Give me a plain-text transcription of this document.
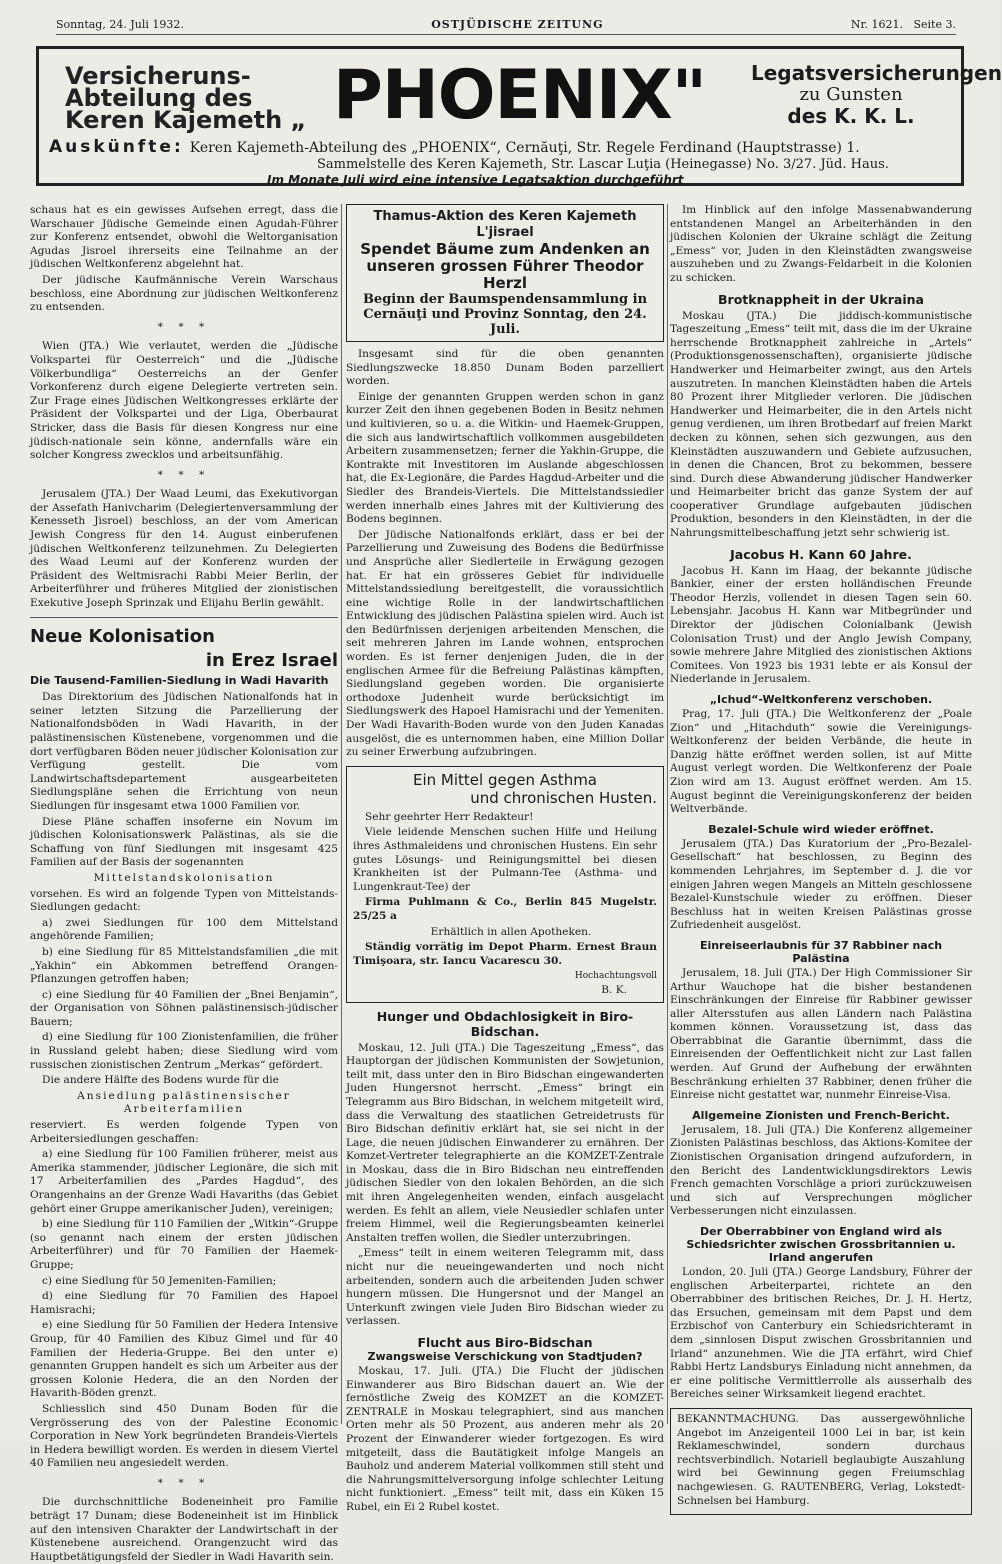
Sonntag, 24. Juli 1932.	OSTJÜDISCHE ZEITUNG	Nr. 1621. Seite 3.
Versicheruns-
Abteilung des
Keren Kajemeth „ PHOENIX" Legatsversicherungen
zu Gunsten
des K. K. L.
Auskünfte: Keren Kajemeth-Abteilung des „PHOENIX“, Cernăuţi, Str. Regele Ferdinand (Hauptstrasse) 1.
Sammelstelle des Keren Kajemeth, Str. Lascar Luţia (Heinegasse) No. 3/27. Jüd. Haus.
Im Monate Juli wird eine intensive Legatsaktion durchgeführt

schaus hat es ein gewisses Aufsehen erregt, dass die Warschauer Jüdische Gemeinde einen Agudah-Führer zur Konferenz entsendet, obwohl die Weltorganisation Agudas Jisroel ihrerseits eine Teilnahme an der jüdischen Weltkonferenz abgelehnt hat.

Der jüdische Kaufmännische Verein Warschaus beschloss, eine Abordnung zur jüdischen Weltkonferenz zu entsenden.

* * *

Wien (JTA.) Wie verlautet, werden die „Jüdische Volkspartei für Oesterreich“ und die „Jüdische Völkerbundliga“ Oesterreichs an der Genfer Vorkonferenz durch eigene Delegierte vertreten sein. Zur Frage eines Jüdischen Weltkongresses erklärte der Präsident der Volkspartei und der Liga, Oberbaurat Stricker, dass die Basis für diesen Kongress nur eine jüdisch-nationale sein könne, andernfalls wäre ein solcher Kongress zwecklos und arbeitsunfähig.

* * *

Jerusalem (JTA.) Der Waad Leumi, das Exekutivorgan der Assefath Hanivcharim (Delegiertenversammlung der Kenesseth Jisroel) beschloss, an der vom American Jewish Congress für den 14. August einberufenen jüdischen Weltkonferenz teilzunehmen. Zu Delegierten des Waad Leumi auf der Konferenz wurden der Präsident des Weltmisrachi Rabbi Meier Berlin, der Arbeiterführer und früheres Mitglied der zionistischen Exekutive Joseph Sprinzak und Elijahu Berlin gewählt.

Neue Kolonisation
in Erez Israel
Die Tausend-Familien-Siedlung in Wadi Havarith

Das Direktorium des Jüdischen Nationalfonds hat in seiner letzten Sitzung die Parzellierung der Nationalfondsböden in Wadi Havarith, in der palästinensischen Küstenebene, vorgenommen und die dort verfügbaren Böden neuer jüdischer Kolonisation zur Verfügung gestellt. Die vom Landwirtschaftsdepartement ausgearbeiteten Siedlungspläne sehen die Errichtung von neun Siedlungen für insgesamt etwa 1000 Familien vor.

Diese Pläne schaffen insoferne ein Novum im jüdischen Kolonisationswerk Palästinas, als sie die Schaffung von fünf Siedlungen mit insgesamt 425 Familien auf der Basis der sogenannten

Mittelstandskolonisation

vorsehen. Es wird an folgende Typen von Mittelstands-Siedlungen gedacht:

a) zwei Siedlungen für 100 dem Mittelstand angehörende Familien;

b) eine Siedlung für 85 Mittelstandsfamilien „die mit „Yakhin“ ein Abkommen betreffend Orangen-Pflanzungen getroffen haben;

c) eine Siedlung für 40 Familien der „Bnei Benjamin“, der Organisation von Söhnen palästinensisch-jüdischer Bauern;

d) eine Siedlung für 100 Zionistenfamilien, die früher in Russland gelebt haben; diese Siedlung wird vom russischen zionistischen Zentrum „Merkas“ gefördert.

Die andere Hälfte des Bodens wurde für die

Ansiedlung palästinensischer Arbeiterfamilien

reserviert. Es werden folgende Typen von Arbeitersiedlungen geschaffen:

a) eine Siedlung für 100 Familien früherer, meist aus Amerika stammender, jüdischer Legionäre, die sich mit 17 Arbeiterfamilien des „Pardes Hagdud“, des Orangenhains an der Grenze Wadi Havariths (das Gebiet gehört einer Gruppe amerikanischer Juden), vereinigen;

b) eine Siedlung für 110 Familien der „Witkin“-Gruppe (so genannt nach einem der ersten jüdischen Arbeiterführer) und für 70 Familien der Haemek-Gruppe;

c) eine Siedlung für 50 Jemeniten-Familien;

d) eine Siedlung für 70 Familien des Hapoel Hamisrachi;

e) eine Siedlung für 50 Familien der Hedera Intensive Group, für 40 Familien des Kibuz Gimel und für 40 Familien der Hederia-Gruppe. Bei den unter e) genannten Gruppen handelt es sich um Arbeiter aus der grossen Kolonie Hedera, die an den Norden der Havarith-Böden grenzt.

Schliesslich sind 450 Dunam Boden für die Vergrösserung des von der Palestine Economic Corporation in New York begründeten Brandeis-Viertels in Hedera bewilligt worden. Es werden in diesem Viertel 40 Familien neu angesiedelt werden.

* * *

Die durchschnittliche Bodeneinheit pro Familie beträgt 17 Dunam; diese Bodeneinheit ist im Hinblick auf den intensiven Charakter der Landwirtschaft in der Küstenebene ausreichend. Orangenzucht wird das Hauptbetätigungsfeld der Siedler in Wadi Havarith sein.

Thamus-Aktion des Keren Kajemeth L'jisrael
Spendet Bäume zum Andenken an unseren grossen Führer Theodor Herzl
Beginn der Baumspendensammlung in Cernăuţi und Provinz Sonntag, den 24. Juli.

Insgesamt sind für die oben genannten Siedlungszwecke 18.850 Dunam Boden parzelliert worden.

Einige der genannten Gruppen werden schon in ganz kurzer Zeit den ihnen gegebenen Boden in Besitz nehmen und kultivieren, so u. a. die Witkin- und Haemek-Gruppen, die sich aus landwirtschaftlich vollkommen ausgebildeten Arbeitern zusammensetzen; ferner die Yakhin-Gruppe, die Kontrakte mit Investitoren im Auslande abgeschlossen hat, die Ex-Legionäre, die Pardes Hagdud-Arbeiter und die Siedler des Brandeis-Viertels. Die Mittelstandssiedler werden innerhalb eines Jahres mit der Kultivierung des Bodens beginnen.

Der Jüdische Nationalfonds erklärt, dass er bei der Parzellierung und Zuweisung des Bodens die Bedürfnisse und Ansprüche aller Siedlerteile in Erwägung gezogen hat. Er hat ein grösseres Gebiet für individuelle Mittelstandssiedlung bereitgestellt, die voraussichtlich eine wichtige Rolle in der landwirtschaftlichen Entwicklung des jüdischen Palästina spielen wird. Auch ist den Bedürfnissen derjenigen arbeitenden Menschen, die seit mehreren Jahren im Lande wohnen, entsprochen worden. Es ist ferner denjenigen Juden, die in der englischen Armee für die Befreiung Palästinas kämpften, Siedlungsland gegeben worden. Die organisierte orthodoxe Judenheit wurde berücksichtigt im Siedlungswerk des Hapoel Hamisrachi und der Yemeniten. Der Wadi Havarith-Boden wurde von den Juden Kanadas ausgelöst, die es unternommen haben, eine Million Dollar zu seiner Erwerbung aufzubringen.

Ein Mittel gegen Asthma
und chronischen Husten.

Sehr geehrter Herr Redakteur!

Viele leidende Menschen suchen Hilfe und Heilung ihres Asthmaleidens und chronischen Hustens. Ein sehr gutes Lösungs- und Reinigungsmittel bei diesen Krankheiten ist der Pulmann-Tee (Asthma- und Lungenkraut-Tee) der

Firma Puhlmann & Co., Berlin 845 Mugelstr. 25/25 a

Erhältlich in allen Apotheken.

Ständig vorrätig im Depot Pharm. Ernest Braun Timişoara, str. Iancu Vacarescu 30.

Hochachtungsvoll
B. K.
Hunger und Obdachlosigkeit in Biro-Bidschan.

Moskau, 12. Juli (JTA.) Die Tageszeitung „Emess“, das Hauptorgan der jüdischen Kommunisten der Sowjetunion, teilt mit, dass unter den in Biro Bidschan eingewanderten Juden Hungersnot herrscht. „Emess“ bringt ein Telegramm aus Biro Bidschan, in welchem mitgeteilt wird, dass die Verwaltung des staatlichen Getreidetrusts für Biro Bidschan definitiv erklärt hat, sie sei nicht in der Lage, die neuen jüdischen Einwanderer zu ernähren. Der Komzet-Vertreter telegraphierte an die KOMZET-Zentrale in Moskau, dass die in Biro Bidschan neu eintreffenden jüdischen Siedler von den lokalen Behörden, an die sich mit ihren Angelegenheiten wenden, einfach ausgelacht werden. Es fehlt an allem, viele Neusiedler schlafen unter freiem Himmel, weil die Regierungsbeamten keinerlei Anstalten treffen wollen, die Siedler unterzubringen.

„Emess“ teilt in einem weiteren Telegramm mit, dass nicht nur die neueingewanderten und noch nicht arbeitenden, sondern auch die arbeitenden Juden schwer hungern müssen. Die Hungersnot und der Mangel an Unterkunft zwingen viele Juden Biro Bidschan wieder zu verlassen.

Flucht aus Biro-Bidschan
Zwangsweise Verschickung von Stadtjuden?

Moskau, 17. Juli. (JTA.) Die Flucht der jüdischen Einwanderer aus Biro Bidschan dauert an. Wie der fernöstliche Zweig des KOMZET an die KOMZET-ZENTRALE in Moskau telegraphiert, sind aus manchen Orten mehr als 50 Prozent, aus anderen mehr als 20 Prozent der Einwanderer wieder fortgezogen. Es wird mitgeteilt, dass die Bautätigkeit infolge Mangels an Bauholz und anderem Material vollkommen still steht und die Nahrungsmittelversorgung infolge schlechter Leitung nicht funktioniert. „Emess“ teilt mit, dass ein Küken 15 Rubel, ein Ei 2 Rubel kostet.

Im Hinblick auf den infolge Massenabwanderung entstandenen Mangel an Arbeiterhänden in den jüdischen Kolonien der Ukraine schlägt die Zeitung „Emess“ vor, Juden in den Kleinstädten zwangsweise auszuheben und zu Zwangs-Feldarbeit in die Kolonien zu schicken.

Brotknappheit in der Ukraina

Moskau (JTA.) Die jiddisch-kommunistische Tageszeitung „Emess“ teilt mit, dass die im der Ukraine herrschende Brotknappheit zahlreiche in „Artels“ (Produktionsgenossenschaften), organisierte jüdische Handwerker und Heimarbeiter zwingt, aus den Artels auszutreten. In manchen Kleinstädten haben die Artels 80 Prozent ihrer Mitglieder verloren. Die jüdischen Handwerker und Heimarbeiter, die in den Artels nicht genug verdienen, um ihren Brotbedarf auf freien Markt decken zu können, sehen sich gezwungen, aus den Kleinstädten auszuwandern und Gebiete aufzusuchen, in denen die Chancen, Brot zu bekommen, bessere sind. Durch diese Abwanderung jüdischer Handwerker und Heimarbeiter bricht das ganze System der auf cooperativer Grundlage aufgebauten jüdischen Produktion, besonders in den Kleinstädten, in der die Nahrungsmittelbeschaffung jetzt sehr schwierig ist.

Jacobus H. Kann 60 Jahre.

Jacobus H. Kann im Haag, der bekannte jüdische Bankier, einer der ersten holländischen Freunde Theodor Herzls, vollendet in diesen Tagen sein 60. Lebensjahr. Jacobus H. Kann war Mitbegründer und Direktor der jüdischen Colonialbank (Jewish Colonisation Trust) und der Anglo Jewish Company, sowie mehrere Jahre Mitglied des zionistischen Aktions Comitees. Von 1923 bis 1931 lebte er als Konsul der Niederlande in Jerusalem.

„Ichud“-Weltkonferenz verschoben.

Prag, 17. Juli (JTA.) Die Weltkonferenz der „Poale Zion“ und „Hitachduth“ sowie die Vereinigungs-Weltkonferenz der beiden Verbände, die heute in Danzig hätte eröffnet werden sollen, ist auf Mitte August verlegt worden. Die Weltkonferenz der Poale Zion wird am 13. August eröffnet werden. Am 15. August beginnt die Vereinigungskonferenz der beiden Weltverbände.

Bezalel-Schule wird wieder eröffnet.

Jerusalem (JTA.) Das Kuratorium der „Pro-Bezalel-Gesellschaft“ hat beschlossen, zu Beginn des kommenden Lehrjahres, im September d. J. die vor einigen Jahren wegen Mangels an Mitteln geschlossene Bezalel-Kunstschule wieder zu eröffnen. Dieser Beschluss hat in weiten Kreisen Palästinas grosse Zufriedenheit ausgelöst.

Einreiseerlaubnis für 37 Rabbiner nach Palästina

Jerusalem, 18. Juli (JTA.) Der High Commissioner Sir Arthur Wauchope hat die bisher bestandenen Einschränkungen der Einreise für Rabbiner gewisser aller Altersstufen aus allen Ländern nach Palästina kommen können. Voraussetzung ist, dass das Oberrabbinat die Garantie übernimmt, dass die Einreisenden der Oeffentlichkeit nicht zur Last fallen werden. Auf Grund der Aufhebung der erwähnten Beschränkung erhielten 37 Rabbiner, denen früher die Einreise nicht gestattet war, nunmehr Einreise-Visa.

Allgemeine Zionisten und French-Bericht.

Jerusalem, 18. Juli (JTA.) Die Konferenz allgemeiner Zionisten Palästinas beschloss, das Aktions-Komitee der Zionistischen Organisation dringend aufzufordern, in den Bericht des Landentwicklungsdirektors Lewis French gemachten Vorschläge a priori zurückzuweisen und sich auf Versprechungen möglicher Verbesserungen nicht einzulassen.

Der Oberrabbiner von England wird als Schiedsrichter zwischen Grossbritannien u. Irland angerufen

London, 20. Juli (JTA.) George Landsbury, Führer der englischen Arbeiterpartei, richtete an den Oberrabbiner des britischen Reiches, Dr. J. H. Hertz, das Ersuchen, gemeinsam mit dem Papst und dem Erzbischof von Canterbury ein Schiedsrichteramt in dem „sinnlosen Disput zwischen Grossbritannien und Irland“ anzunehmen. Wie die JTA erfährt, wird Chief Rabbi Hertz Landsburys Einladung nicht annehmen, da er eine politische Vermittlerrolle als ausserhalb des Bereiches seiner Wirksamkeit liegend erachtet.

BEKANNTMACHUNG. Das aussergewöhnliche Angebot im Anzeigenteil 1000 Lei in bar, ist kein Reklameschwindel, sondern durchaus rechtsverbindlich. Notariell beglaubigte Auszahlung wird bei Gewinnung gegen Freiumschlag nachgewiesen. G. RAUTENBERG, Verlag, Lokstedt-Schnelsen bei Hamburg.
